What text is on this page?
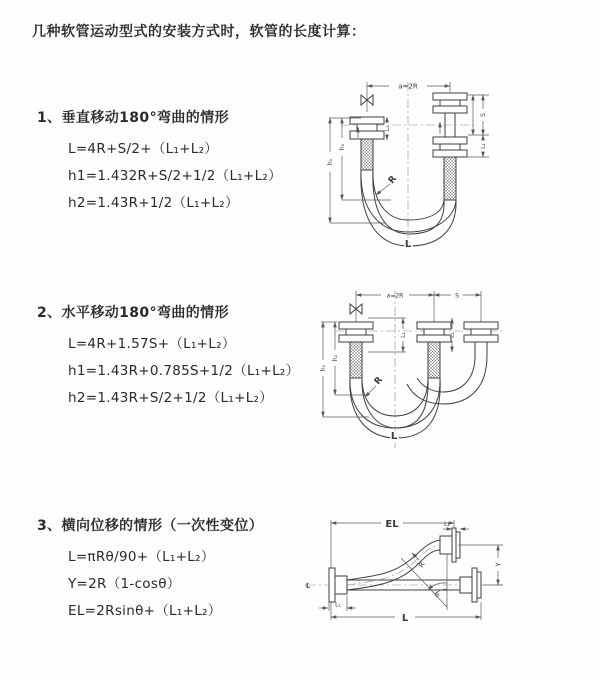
几种软管运动型式的安装方式时，软管的长度计算：
1、垂直移动180°弯曲的情形
L=4R+S/2+（L₁+L₂）
h1=1.432R+S/2+1/2（L₁+L₂）
h2=1.43R+1/2（L₁+L₂）
2、水平移动180°弯曲的情形
L=4R+1.57S+（L₁+L₂）
h1=1.43R+0.785S+1/2（L₁+L₂）
h2=1.43R+S/2+1/2（L₁+L₂）
3、横向位移的情形（一次性变位）
L=πRθ/90+（L₁+L₂）
Y=2R（1-cosθ）
EL=2Rsinθ+（L₁+L₂）
a=2R
h₁
h₂
L₁
S
L₁
R
L
a=2R	S
L₁	L₁
h₁
h₂
R
L
℄
EL	L₁
Y
θ
R
L
L₁
